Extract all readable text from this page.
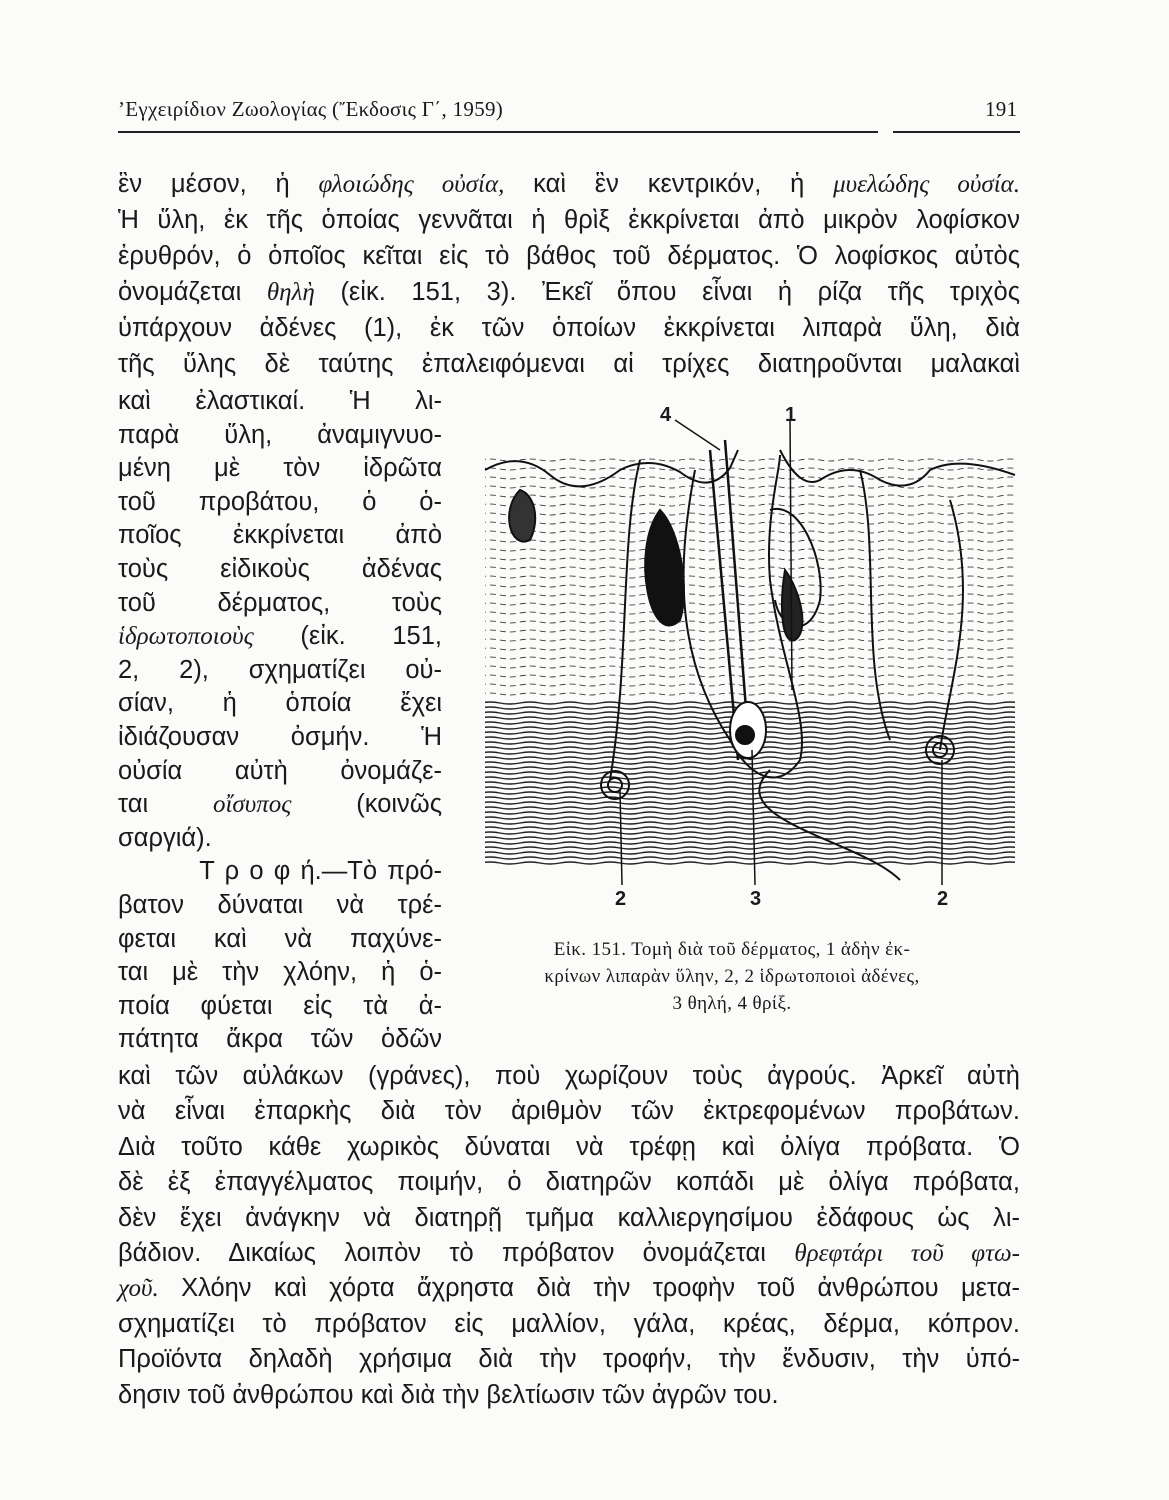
’Εγχειρίδιον Ζωολογίας (Ἔκδοσις Γ΄, 1959)	191
ἓν μέσον, ἡ φλοιώδης οὐσία, καὶ ἓν κεντρικόν, ἡ μυελώδης οὐσία.
Ἡ ὕλη, ἐκ τῆς ὁποίας γεννᾶται ἡ θρὶξ ἐκκρίνεται ἀπὸ μικρὸν λοφίσκον
ἐρυθρόν, ὁ ὁποῖος κεῖται εἰς τὸ βάθος τοῦ δέρματος. Ὁ λοφίσκος αὐτὸς
ὀνομάζεται θηλὴ (εἰκ. 151, 3). Ἐκεῖ ὅπου εἶναι ἡ ρίζα τῆς τριχὸς
ὑπάρχουν ἀδένες (1), ἐκ τῶν ὁποίων ἐκκρίνεται λιπαρὰ ὕλη, διὰ
τῆς ὕλης δὲ ταύτης ἐπαλειφόμεναι αἱ τρίχες διατηροῦνται μαλακαὶ
καὶ ἐλαστικαί. Ἡ λι-
παρὰ ὕλη, ἀναμιγνυο-
μένη μὲ τὸν ἱδρῶτα
τοῦ προβάτου, ὁ ὁ-
ποῖος ἐκκρίνεται ἀπὸ
τοὺς εἰδικοὺς ἀδένας
τοῦ δέρματος, τοὺς
ἱδρωτοποιοὺς (εἰκ. 151,
2, 2), σχηματίζει οὐ-
σίαν, ἡ ὁποία ἔχει
ἰδιάζουσαν ὀσμήν. Ἡ
οὐσία αὐτὴ ὀνομάζε-
ται οἴσυπος (κοινῶς
σαργιά).
Τ ρ ο φ ή.—Τὸ πρό-
βατον δύναται νὰ τρέ-
φεται καὶ νὰ παχύνε-
ται μὲ τὴν χλόην, ἡ ὁ-
ποία φύεται εἰς τὰ ἀ-
πάτητα ἄκρα τῶν ὁδῶν
καὶ τῶν αὐλάκων (γράνες), ποὺ χωρίζουν τοὺς ἀγρούς. Ἀρκεῖ αὐτὴ
νὰ εἶναι ἐπαρκὴς διὰ τὸν ἀριθμὸν τῶν ἐκτρεφομένων προβάτων.
Διὰ τοῦτο κάθε χωρικὸς δύναται νὰ τρέφῃ καὶ ὀλίγα πρόβατα. Ὁ
δὲ ἐξ ἐπαγγέλματος ποιμήν, ὁ διατηρῶν κοπάδι μὲ ὀλίγα πρόβατα,
δὲν ἔχει ἀνάγκην νὰ διατηρῇ τμῆμα καλλιεργησίμου ἐδάφους ὡς λι-
βάδιον. Δικαίως λοιπὸν τὸ πρόβατον ὀνομάζεται θρεφτάρι τοῦ φτω-
χοῦ. Χλόην καὶ χόρτα ἄχρηστα διὰ τὴν τροφὴν τοῦ ἀνθρώπου μετα-
σχηματίζει τὸ πρόβατον εἰς μαλλίον, γάλα, κρέας, δέρμα, κόπρον.
Προϊόντα δηλαδὴ χρήσιμα διὰ τὴν τροφήν, τὴν ἔνδυσιν, τὴν ὑπό-
δησιν τοῦ ἀνθρώπου καὶ διὰ τὴν βελτίωσιν τῶν ἀγρῶν του.
4	1
2	3	2
Εἰκ. 151. Τομὴ διὰ τοῦ δέρματος, 1 ἀδὴν ἐκ-
κρίνων λιπαρὰν ὕλην, 2, 2 ἱδρωτοποιοὶ ἀδένες,
3 θηλή, 4 θρίξ.
